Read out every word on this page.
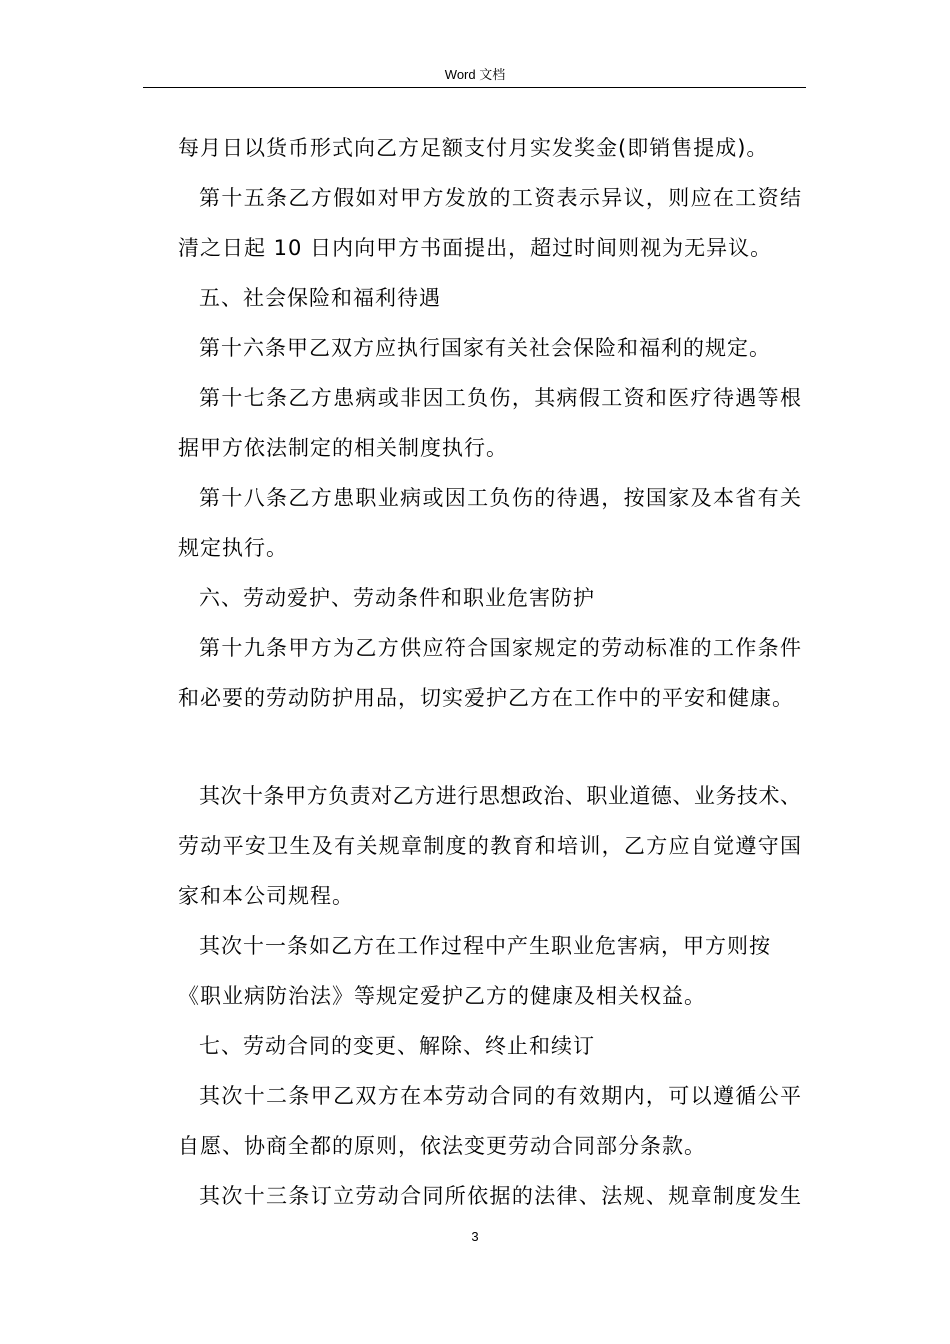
Word 文档
每月日以货币形式向乙方足额支付月实发奖金(即销售提成)。
第十五条乙方假如对甲方发放的工资表示异议，则应在工资结
清之日起 10 日内向甲方书面提出，超过时间则视为无异议。
五、社会保险和福利待遇
第十六条甲乙双方应执行国家有关社会保险和福利的规定。
第十七条乙方患病或非因工负伤，其病假工资和医疗待遇等根
据甲方依法制定的相关制度执行。
第十八条乙方患职业病或因工负伤的待遇，按国家及本省有关
规定执行。
六、劳动爱护、劳动条件和职业危害防护
第十九条甲方为乙方供应符合国家规定的劳动标准的工作条件
和必要的劳动防护用品，切实爱护乙方在工作中的平安和健康。
其次十条甲方负责对乙方进行思想政治、职业道德、业务技术、
劳动平安卫生及有关规章制度的教育和培训，乙方应自觉遵守国
家和本公司规程。
其次十一条如乙方在工作过程中产生职业危害病，甲方则按
《职业病防治法》等规定爱护乙方的健康及相关权益。
七、劳动合同的变更、解除、终止和续订
其次十二条甲乙双方在本劳动合同的有效期内，可以遵循公平
自愿、协商全都的原则，依法变更劳动合同部分条款。
其次十三条订立劳动合同所依据的法律、法规、规章制度发生
3
